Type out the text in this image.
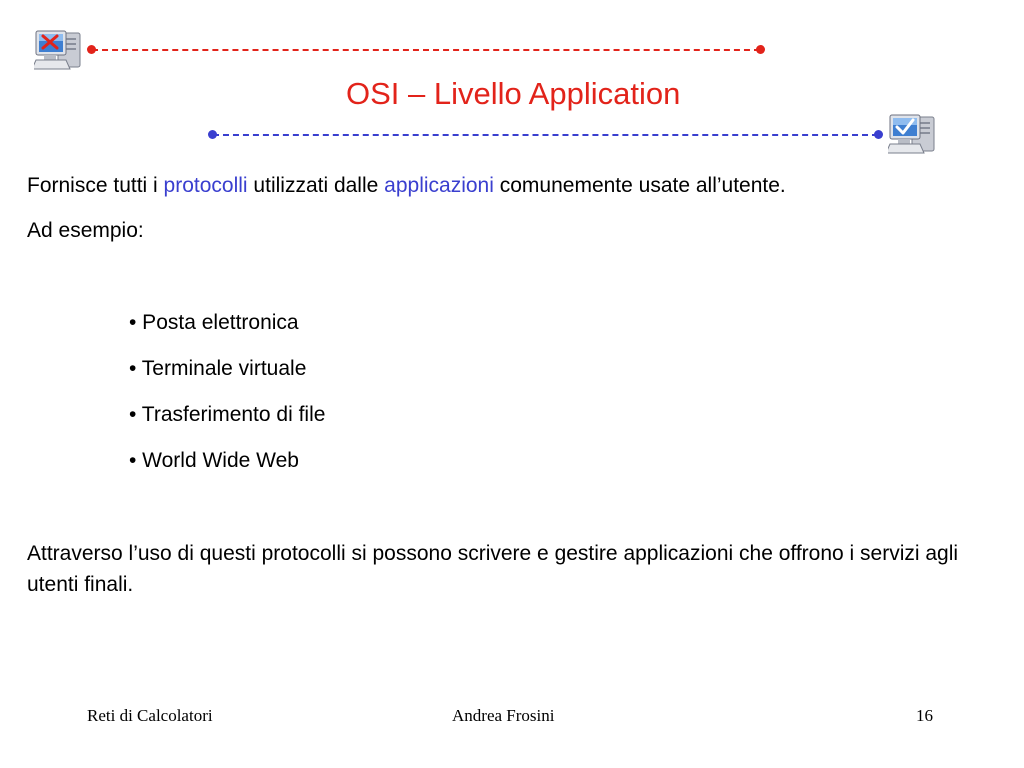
OSI – Livello Application
Fornisce tutti i protocolli utilizzati dalle applicazioni comunemente usate all’utente.
Ad esempio:
• Posta elettronica
• Terminale virtuale
• Trasferimento di file
• World Wide Web
Attraverso l’uso di questi protocolli si possono scrivere e gestire applicazioni che offrono i servizi agli utenti finali.
Reti di Calcolatori	Andrea Frosini	16
